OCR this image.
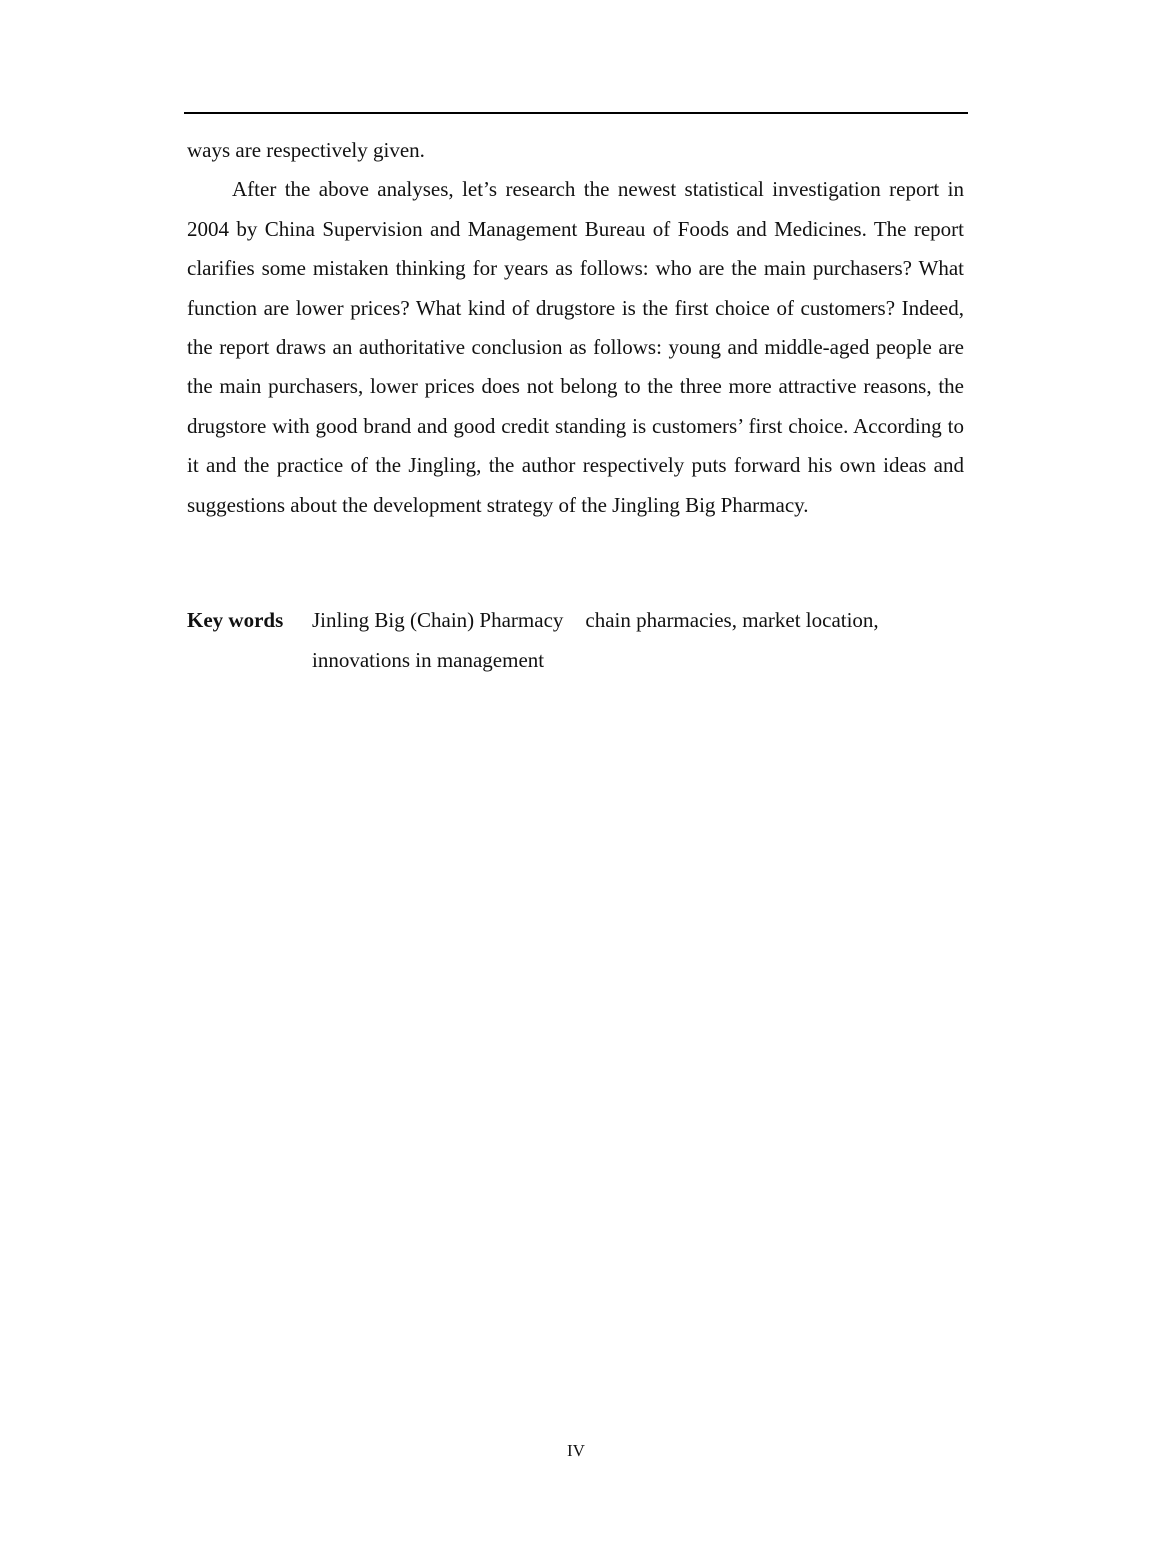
ways are respectively given.

After the above analyses, let’s research the newest statistical investigation report in 2004 by China Supervision and Management Bureau of Foods and Medicines. The report clarifies some mistaken thinking for years as follows: who are the main purchasers? What function are lower prices? What kind of drugstore is the first choice of customers? Indeed, the report draws an authoritative conclusion as follows: young and middle-aged people are the main purchasers, lower prices does not belong to the three more attractive reasons, the drugstore with good brand and good credit standing is customers’ first choice. According to it and the practice of the Jingling, the author respectively puts forward his own ideas and suggestions about the development strategy of the Jingling Big Pharmacy.

Key words	Jinling Big (Chain) Pharmacy chain pharmacies, market location,
innovations in management
IV
